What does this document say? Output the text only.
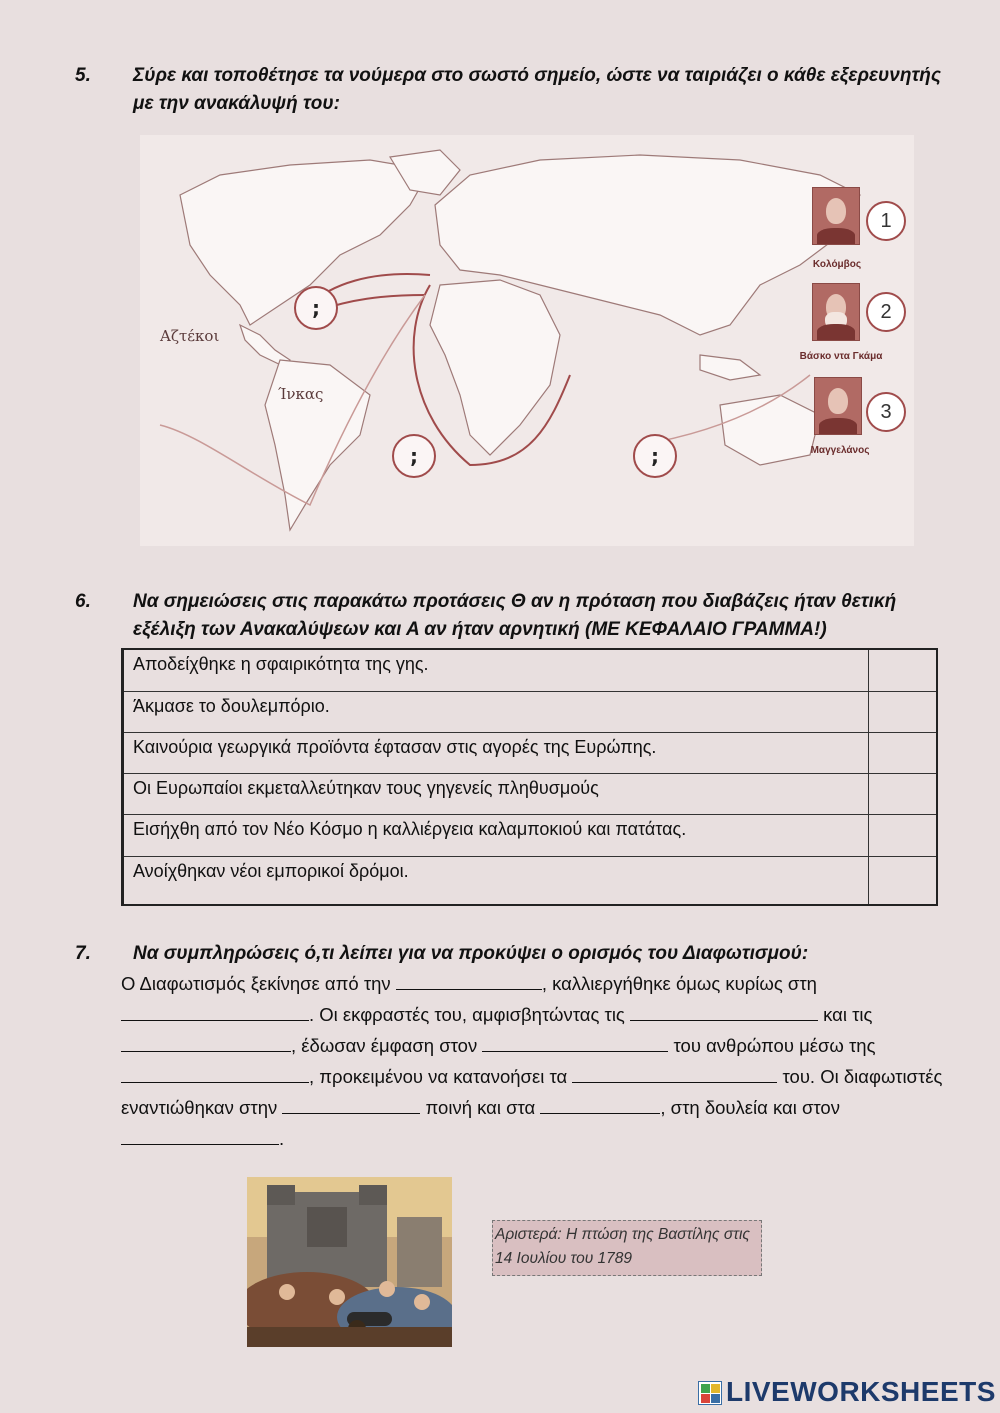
5. Σύρε και τοποθέτησε τα νούμερα στο σωστό σημείο, ώστε να ταιριάζει ο κάθε εξερευνητής με την ανακάλυψή του:
Αζτέκοι
Ίνκας
;
;	;
1
Κολόμβος
2
Βάσκο ντα Γκάμα
3
Μαγγελάνος
6. Να σημειώσεις στις παρακάτω προτάσεις Θ αν η πρόταση που διαβάζεις ήταν θετική εξέλιξη των Ανακαλύψεων και Α αν ήταν αρνητική (ΜΕ ΚΕΦΑΛΑΙΟ ΓΡΑΜΜΑ!)
Αποδείχθηκε η σφαιρικότητα της γης.
Άκμασε το δουλεμπόριο.
Καινούρια γεωργικά προϊόντα έφτασαν στις αγορές της Ευρώπης.
Οι Ευρωπαίοι εκμεταλλεύτηκαν τους γηγενείς πληθυσμούς
Εισήχθη από τον Νέο Κόσμο η καλλιέργεια καλαμποκιού και πατάτας.
Ανοίχθηκαν νέοι εμπορικοί δρόμοι.
7. Να συμπληρώσεις ό,τι λείπει για να προκύψει ο ορισμός του Διαφωτισμού:
Ο Διαφωτισμός ξεκίνησε από την	, καλλιεργήθηκε όμως κυρίως στη
. Οι εκφραστές του, αμφισβητώντας τις	και τις
, έδωσαν έμφαση στον	του ανθρώπου μέσω της
, προκειμένου να κατανοήσει τα	του. Οι διαφωτιστές εναντιώθηκαν στην	ποινή και στα	, στη δουλεία και στον .
Αριστερά: Η πτώση της Βαστίλης στις 14 Ιουλίου του 1789
LIVEWORKSHEETS
